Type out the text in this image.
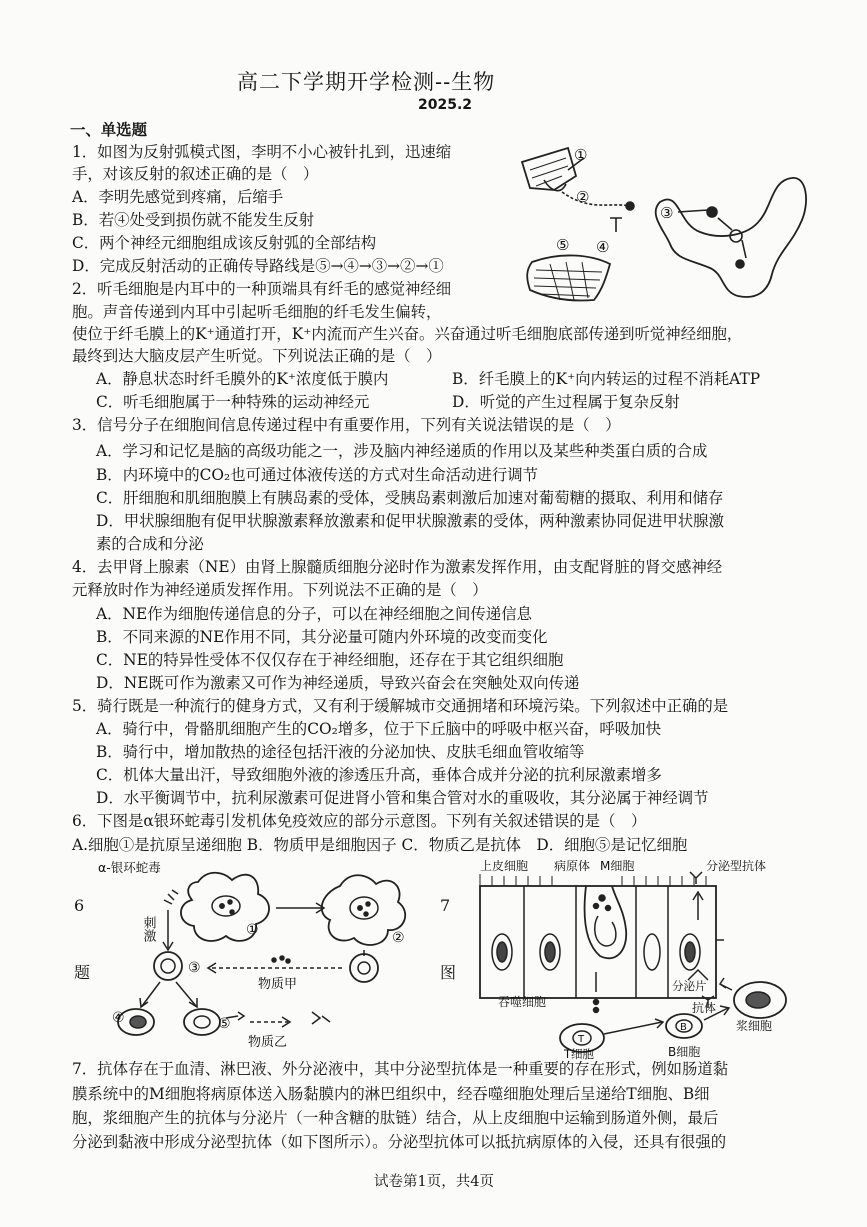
高二下学期开学检测--生物
2025.2
一、单选题
1．如图为反射弧模式图，李明不小心被针扎到，迅速缩
手，对该反射的叙述正确的是（　）
A．李明先感觉到疼痛，后缩手
B．若④处受到损伤就不能发生反射
C．两个神经元细胞组成该反射弧的全部结构
D．完成反射活动的正确传导路线是⑤→④→③→②→①
①
②
③
④
⑤
2．听毛细胞是内耳中的一种顶端具有纤毛的感觉神经细
胞。声音传递到内耳中引起听毛细胞的纤毛发生偏转，
使位于纤毛膜上的K⁺通道打开，K⁺内流而产生兴奋。兴奋通过听毛细胞底部传递到听觉神经细胞，
最终到达大脑皮层产生听觉。下列说法正确的是（　）
A．静息状态时纤毛膜外的K⁺浓度低于膜内	B．纤毛膜上的K⁺向内转运的过程不消耗ATP
C．听毛细胞属于一种特殊的运动神经元	D．听觉的产生过程属于复杂反射
3．信号分子在细胞间信息传递过程中有重要作用，下列有关说法错误的是（　）
A．学习和记忆是脑的高级功能之一，涉及脑内神经递质的作用以及某些种类蛋白质的合成
B．内环境中的CO₂也可通过体液传送的方式对生命活动进行调节
C．肝细胞和肌细胞膜上有胰岛素的受体，受胰岛素刺激后加速对葡萄糖的摄取、利用和储存
D．甲状腺细胞有促甲状腺激素释放激素和促甲状腺激素的受体，两种激素协同促进甲状腺激
素的合成和分泌
4．去甲肾上腺素（NE）由肾上腺髓质细胞分泌时作为激素发挥作用，由支配肾脏的肾交感神经
元释放时作为神经递质发挥作用。下列说法不正确的是（　）
A．NE作为细胞传递信息的分子，可以在神经细胞之间传递信息
B．不同来源的NE作用不同，其分泌量可随内外环境的改变而变化
C．NE的特异性受体不仅仅存在于神经细胞，还存在于其它组织细胞
D．NE既可作为激素又可作为神经递质，导致兴奋会在突触处双向传递
5．骑行既是一种流行的健身方式，又有利于缓解城市交通拥堵和环境污染。下列叙述中正确的是
A．骑行中，骨骼肌细胞产生的CO₂增多，位于下丘脑中的呼吸中枢兴奋，呼吸加快
B．骑行中，增加散热的途径包括汗液的分泌加快、皮肤毛细血管收缩等
C．机体大量出汗，导致细胞外液的渗透压升高，垂体合成并分泌的抗利尿激素增多
D．水平衡调节中，抗利尿激素可促进肾小管和集合管对水的重吸收，其分泌属于神经调节
6．下图是α银环蛇毒引发机体免疫效应的部分示意图。下列有关叙述错误的是（　）
A.细胞①是抗原呈递细胞 B．物质甲是细胞因子 C．物质乙是抗体　D．细胞⑤是记忆细胞
6
题
7
图
α-银环蛇毒
刺激	①	②
③
④	⑤
物质甲
物质乙
上皮细胞 病原体 M细胞	分泌型抗体
分泌片
抗体
吞噬细胞
T细胞	B细胞
浆细胞
T
B
7．抗体存在于血清、淋巴液、外分泌液中，其中分泌型抗体是一种重要的存在形式，例如肠道黏
膜系统中的M细胞将病原体送入肠黏膜内的淋巴组织中，经吞噬细胞处理后呈递给T细胞、B细
胞，浆细胞产生的抗体与分泌片（一种含糖的肽链）结合，从上皮细胞中运输到肠道外侧，最后
分泌到黏液中形成分泌型抗体（如下图所示）。分泌型抗体可以抵抗病原体的入侵，还具有很强的
试卷第1页，共4页
